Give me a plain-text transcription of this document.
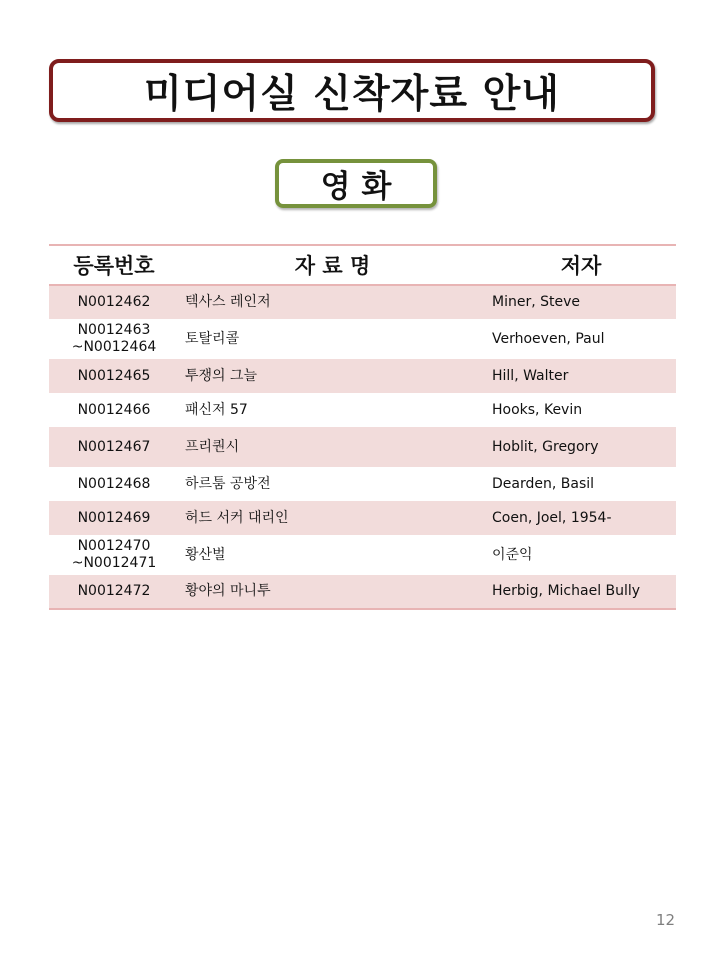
미디어실 신착자료 안내
영 화
등록번호	자 료 명	저자
N0012462	텍사스 레인저	Miner, Steve
N0012463
~N0012464	토탈리콜	Verhoeven, Paul
N0012465	투쟁의 그늘	Hill, Walter
N0012466	패신저 57	Hooks, Kevin
N0012467	프리퀀시	Hoblit, Gregory
N0012468	하르툼 공방전	Dearden, Basil
N0012469	허드 서커 대리인	Coen, Joel, 1954-
N0012470
~N0012471	황산벌	이준익
N0012472	황야의 마니투	Herbig, Michael Bully
12
